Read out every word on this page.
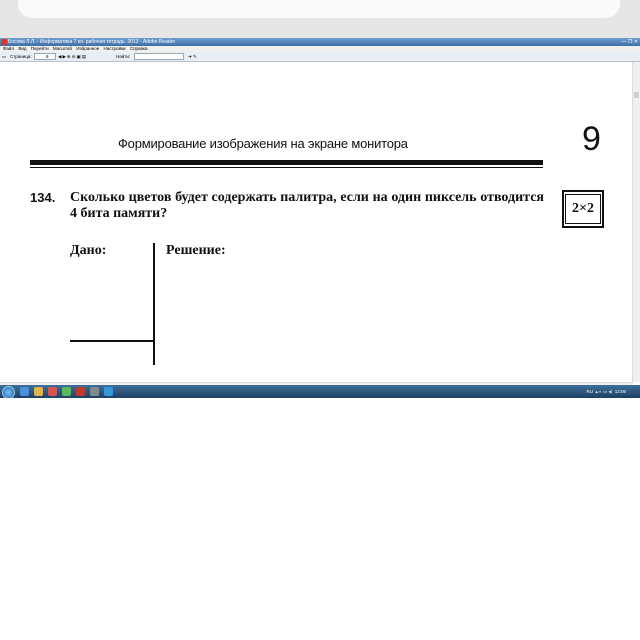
Босова Л.Л. - Информатика 7 кл. рабочая тетрадь. 2013 - Adobe Reader	— ❐ ✕
Файл Вид Перейти Масштаб Избранное Настройки Справка
▭ Страница:	6 ◀▶⊕⊖▣▤	Найти:	➜ ✎
RU  ▴ ◐ ▭ ◂)  13:06
Формирование изображения на экране монитора	9
134. Сколько цветов будет содержать палитра, если на один пиксель отводится 4 бита памяти?	2×2
Дано:	Решение:
